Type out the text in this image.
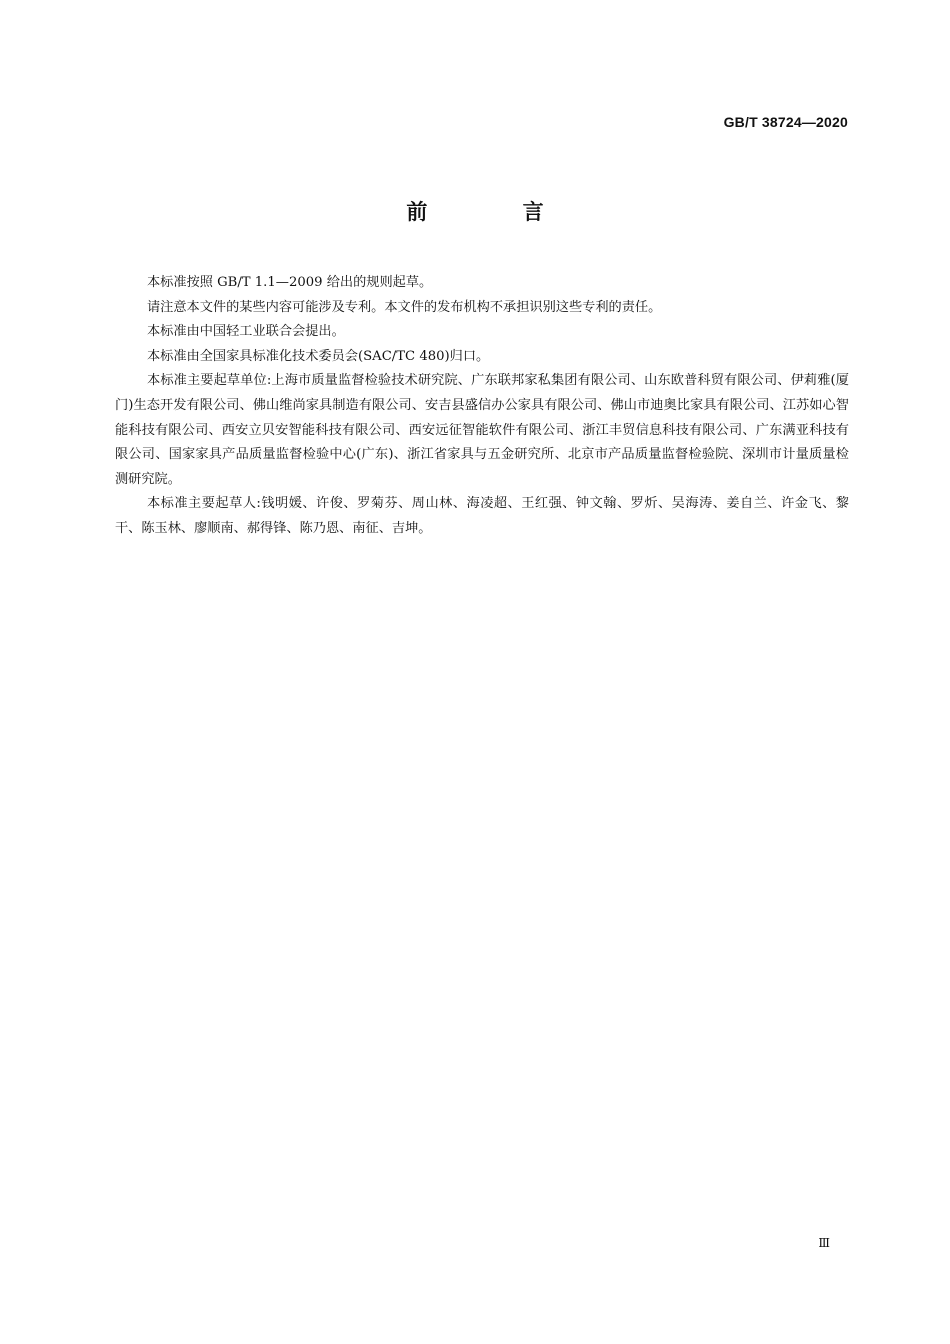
GB/T 38724—2020
前 言

本标准按照 GB/T 1.1—2009 给出的规则起草。

请注意本文件的某些内容可能涉及专利。本文件的发布机构不承担识别这些专利的责任。

本标准由中国轻工业联合会提出。

本标准由全国家具标准化技术委员会(SAC/TC 480)归口。

本标准主要起草单位:上海市质量监督检验技术研究院、广东联邦家私集团有限公司、山东欧普科贸有限公司、伊莉雅(厦门)生态开发有限公司、佛山维尚家具制造有限公司、安吉县盛信办公家具有限公司、佛山市迪奥比家具有限公司、江苏如心智能科技有限公司、西安立贝安智能科技有限公司、西安远征智能软件有限公司、浙江丰贸信息科技有限公司、广东满亚科技有限公司、国家家具产品质量监督检验中心(广东)、浙江省家具与五金研究所、北京市产品质量监督检验院、深圳市计量质量检测研究院。

本标准主要起草人:钱明媛、许俊、罗菊芬、周山林、海凌超、王红强、钟文翰、罗炘、吴海涛、姜自兰、许金飞、黎干、陈玉林、廖顺南、郝得锋、陈乃恩、南征、吉坤。

Ⅲ
